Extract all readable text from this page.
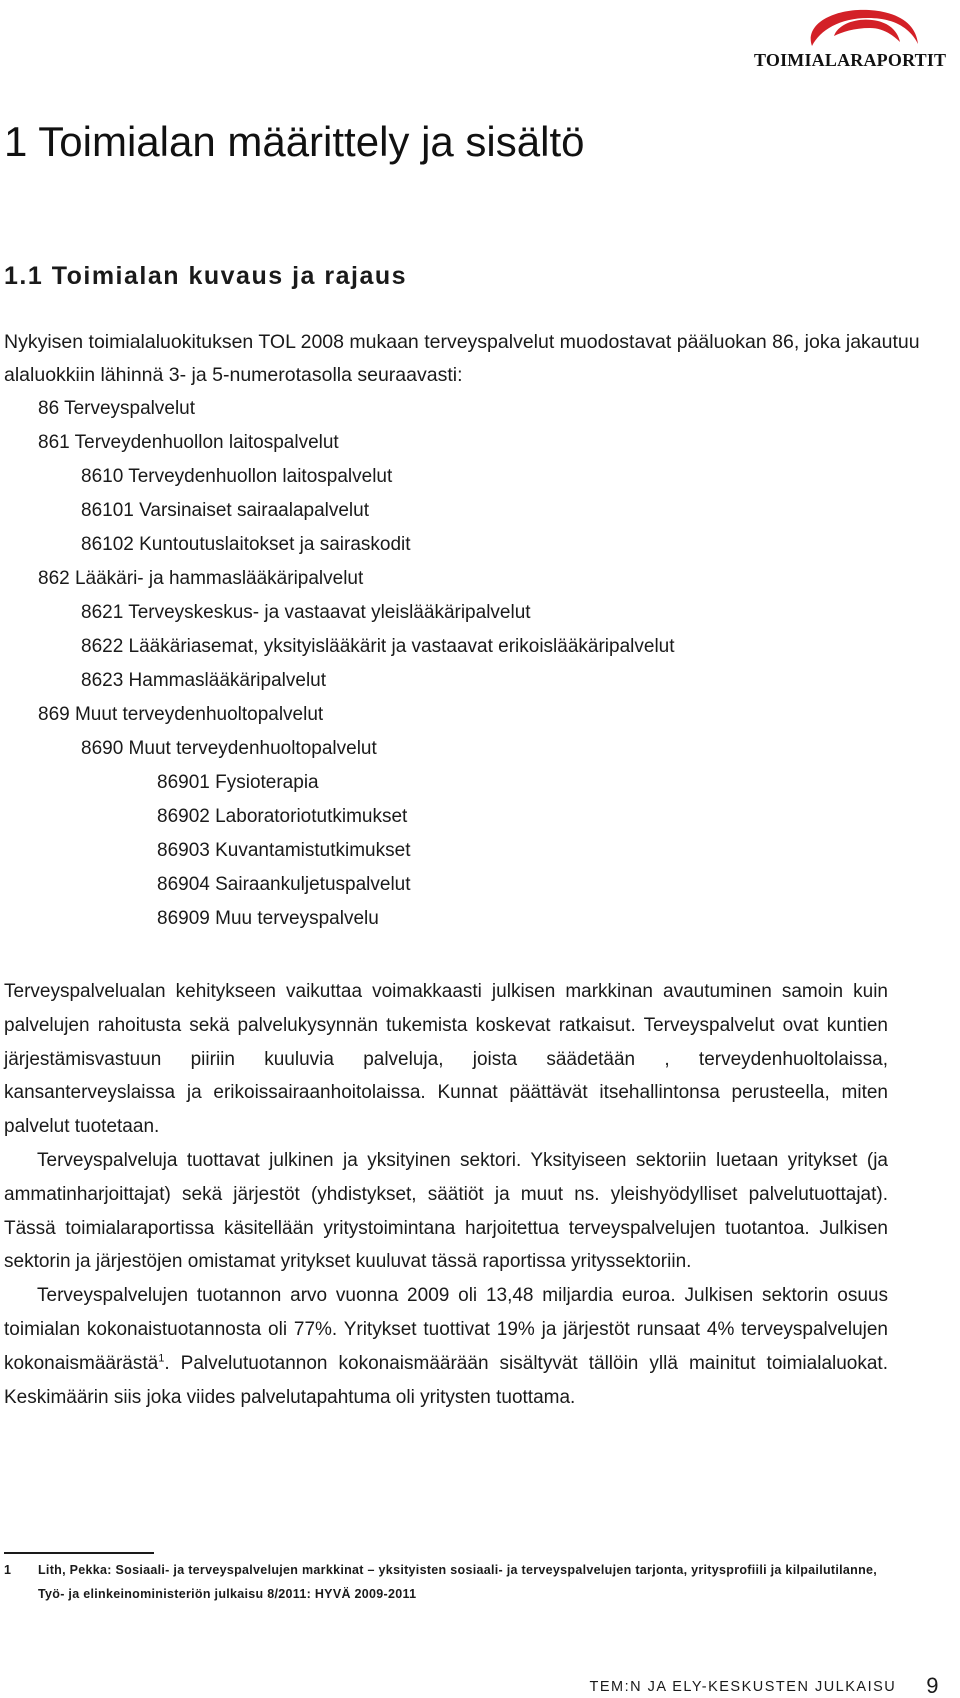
TOIMIALARAPORTIT
1 Toimialan määrittely ja sisältö
1.1 Toimialan kuvaus ja rajaus

Nykyisen toimialaluokituksen TOL 2008 mukaan terveyspalvelut muodostavat pääluokan 86, joka jakautuu alaluokkiin lähinnä 3- ja 5-numerotasolla seuraavasti:

86 Terveyspalvelut
861 Terveydenhuollon laitospalvelut
8610 Terveydenhuollon laitospalvelut
86101 Varsinaiset sairaalapalvelut
86102 Kuntoutuslaitokset ja sairaskodit
862 Lääkäri- ja hammaslääkäripalvelut
8621 Terveyskeskus- ja vastaavat yleislääkäripalvelut
8622 Lääkäriasemat, yksityislääkärit ja vastaavat erikoislääkäripalvelut
8623 Hammaslääkäripalvelut
869 Muut terveydenhuoltopalvelut
8690 Muut terveydenhuoltopalvelut
86901 Fysioterapia
86902 Laboratoriotutkimukset
86903 Kuvantamistutkimukset
86904 Sairaankuljetuspalvelut
86909 Muu terveyspalvelu

Terveyspalvelualan kehitykseen vaikuttaa voimakkaasti julkisen markkinan avautuminen samoin kuin palvelujen rahoitusta sekä palvelukysynnän tukemista koskevat ratkaisut. Terveyspalvelut ovat kuntien järjestämisvastuun piiriin kuuluvia palveluja, joista säädetään , terveydenhuoltolaissa, kansanterveyslaissa ja erikoissairaanhoitolaissa. Kunnat päättävät itsehallintonsa perusteella, miten palvelut tuotetaan.

Terveyspalveluja tuottavat julkinen ja yksityinen sektori. Yksityiseen sektoriin luetaan yritykset (ja ammatinharjoittajat) sekä järjestöt (yhdistykset, säätiöt ja muut ns. yleishyödylliset palvelutuottajat). Tässä toimialaraportissa käsitellään yritystoimintana harjoitettua terveyspalvelujen tuotantoa. Julkisen sektorin ja järjestöjen omistamat yritykset kuuluvat tässä raportissa yrityssektoriin.

Terveyspalvelujen tuotannon arvo vuonna 2009 oli 13,48 miljardia euroa. Julkisen sektorin osuus toimialan kokonaistuotannosta oli 77%. Yritykset tuottivat 19% ja järjestöt runsaat 4% terveyspalvelujen kokonaismäärästä$^1$. Palvelutuotannon kokonaismäärään sisältyvät tällöin yllä mainitut toimialaluokat. Keskimäärin siis joka viides palvelutapahtuma oli yritysten tuottama.

1 Lith, Pekka: Sosiaali- ja terveyspalvelujen markkinat – yksityisten sosiaali- ja terveyspalvelujen tarjonta, yritysprofiili ja kilpailutilanne, Työ- ja elinkeinoministeriön julkaisu 8/2011: HYVÄ 2009-2011
TEM:N JA ELY-KESKUSTEN JULKAISU 9
